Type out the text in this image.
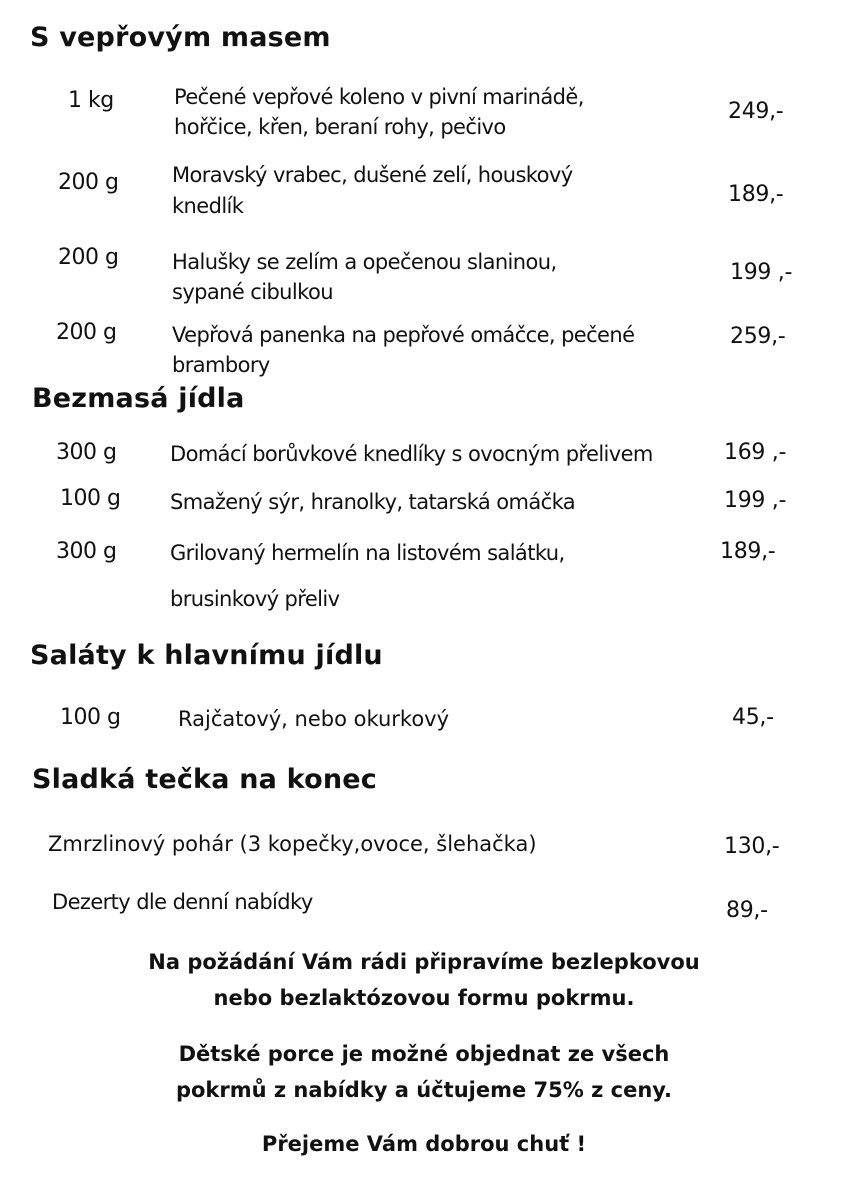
S vepřovým masem
1 kg	Pečené vepřové koleno v pivní marinádě,
hořčice, křen, beraní rohy, pečivo
249,-
200 g	Moravský vrabec, dušené zelí, houskový
knedlík	189,-
200 g	Halušky se zelím a opečenou slaninou,
sypané cibulkou
199 ,-
200 g	Vepřová panenka na pepřové omáčce, pečené
brambory
259,-
Bezmasá jídla
300 g	Domácí borůvkové knedlíky s ovocným přelivem	169 ,-
100 g Smažený sýr, hranolky, tatarská omáčka	199 ,-
300 g	Grilovaný hermelín na listovém salátku,
brusinkový přeliv
189,-
Saláty k hlavnímu jídlu
100 g	Rajčatový, nebo okurkový	45,-
Sladká tečka na konec
Zmrzlinový pohár (3 kopečky,ovoce, šlehačka)	130,-
Dezerty dle denní nabídky	89,-
Na požádání Vám rádi připravíme bezlepkovou
nebo bezlaktózovou formu pokrmu.
Dětské porce je možné objednat ze všech
pokrmů z nabídky a účtujeme 75% z ceny.
Přejeme Vám dobrou chuť !
